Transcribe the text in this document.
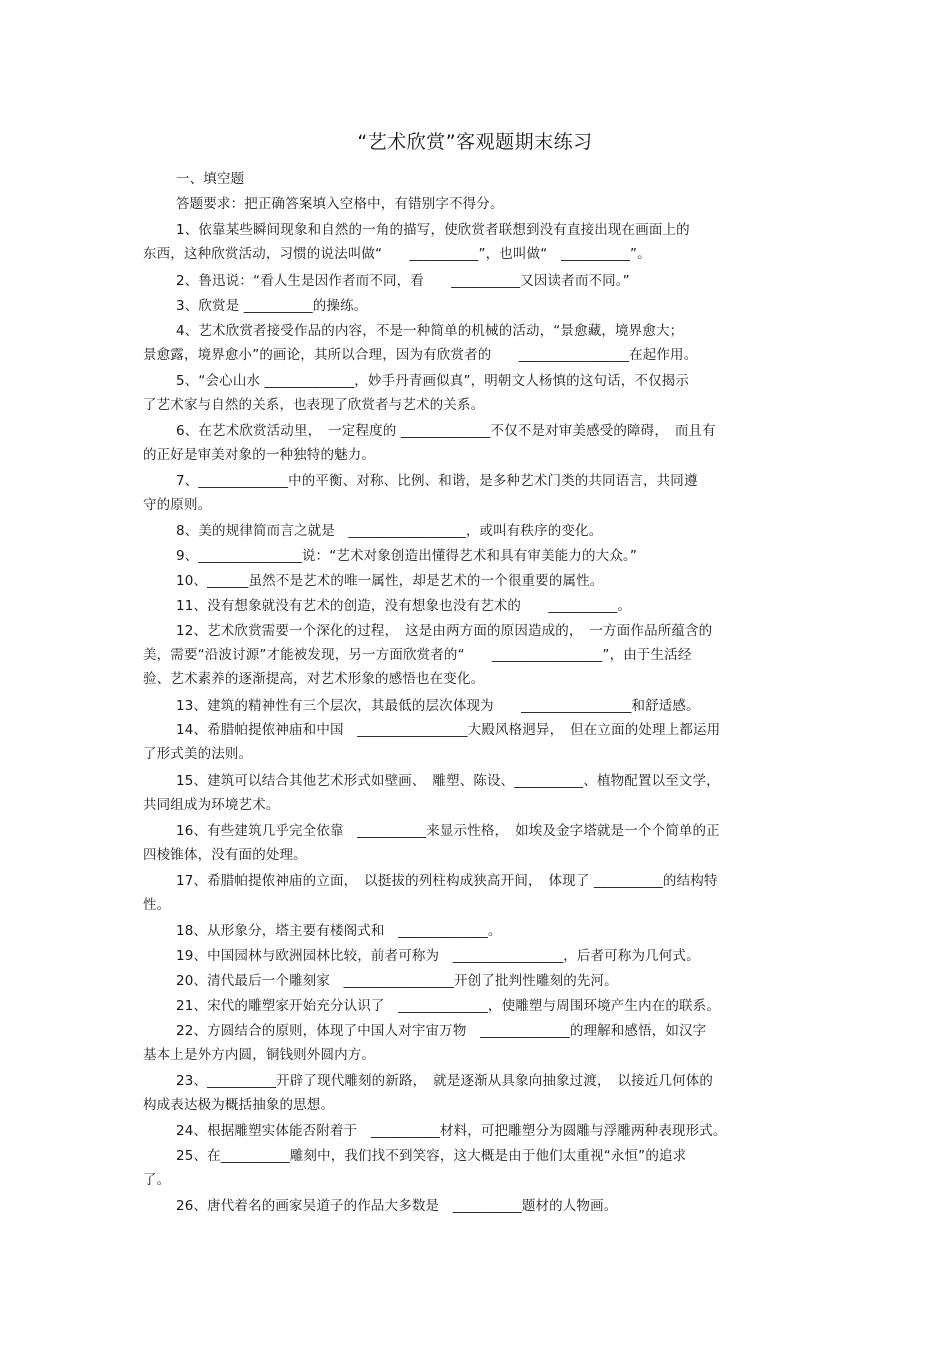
“艺术欣赏”客观题期末练习
一、填空题
答题要求：把正确答案填入空格中，有错别字不得分。
1、依靠某些瞬间现象和自然的一角的描写，使欣赏者联想到没有直接出现在画面上的
东西，这种欣赏活动，习惯的说法叫做“　　__________”，也叫做“　__________”。
2、鲁迅说：“看人生是因作者而不同，看　　__________又因读者而不同。”
3、欣赏是 __________的操练。
4、艺术欣赏者接受作品的内容，不是一种简单的机械的活动，“景愈藏，境界愈大；
景愈露，境界愈小”的画论，其所以合理，因为有欣赏者的　　________________在起作用。
5、“会心山水 _____________，妙手丹青画似真”，明朝文人杨慎的这句话，不仅揭示
了艺术家与自然的关系，也表现了欣赏者与艺术的关系。
6、在艺术欣赏活动里，　一定程度的 _____________不仅不是对审美感受的障碍，　而且有
的正好是审美对象的一种独特的魅力。
7、_____________中的平衡、对称、比例、和谐，是多种艺术门类的共同语言，共同遵
守的原则。
8、美的规律简而言之就是　_________________，或叫有秩序的变化。
9、_______________说：“艺术对象创造出懂得艺术和具有审美能力的大众。”
10、______虽然不是艺术的唯一属性，却是艺术的一个很重要的属性。
11、没有想象就没有艺术的创造，没有想象也没有艺术的　　__________。
12、艺术欣赏需要一个深化的过程，　这是由两方面的原因造成的，　一方面作品所蕴含的
美，需要“沿波讨源”才能被发现，另一方面欣赏者的“　　________________”，由于生活经
验、艺术素养的逐渐提高，对艺术形象的感悟也在变化。
13、建筑的精神性有三个层次，其最低的层次体现为　　________________和舒适感。
14、希腊帕提侬神庙和中国　________________大殿风格迥异，　但在立面的处理上都运用
了形式美的法则。
15、建筑可以结合其他艺术形式如壁画、　雕塑、陈设、__________、植物配置以至文学，
共同组成为环境艺术。
16、有些建筑几乎完全依靠　__________来显示性格，　如埃及金字塔就是一个个简单的正
四棱锥体，没有面的处理。
17、希腊帕提侬神庙的立面，　以挺拔的列柱构成狭高开间，　体现了 __________的结构特
性。
18、从形象分，塔主要有楼阁式和　_____________。
19、中国园林与欧洲园林比较，前者可称为　________________，后者可称为几何式。
20、清代最后一个雕刻家　________________开创了批判性雕刻的先河。
21、宋代的雕塑家开始充分认识了　_____________，使雕塑与周围环境产生内在的联系。
22、方圆结合的原则，体现了中国人对宇宙万物　_____________的理解和感悟，如汉字
基本上是外方内圆，铜钱则外圆内方。
23、__________开辟了现代雕刻的新路，　就是逐渐从具象向抽象过渡，　以接近几何体的
构成表达极为概括抽象的思想。
24、根据雕塑实体能否附着于　__________材料，可把雕塑分为圆雕与浮雕两种表现形式。
25、在__________雕刻中，我们找不到笑容，这大概是由于他们太重视“永恒”的追求
了。
26、唐代着名的画家吴道子的作品大多数是　__________题材的人物画。
